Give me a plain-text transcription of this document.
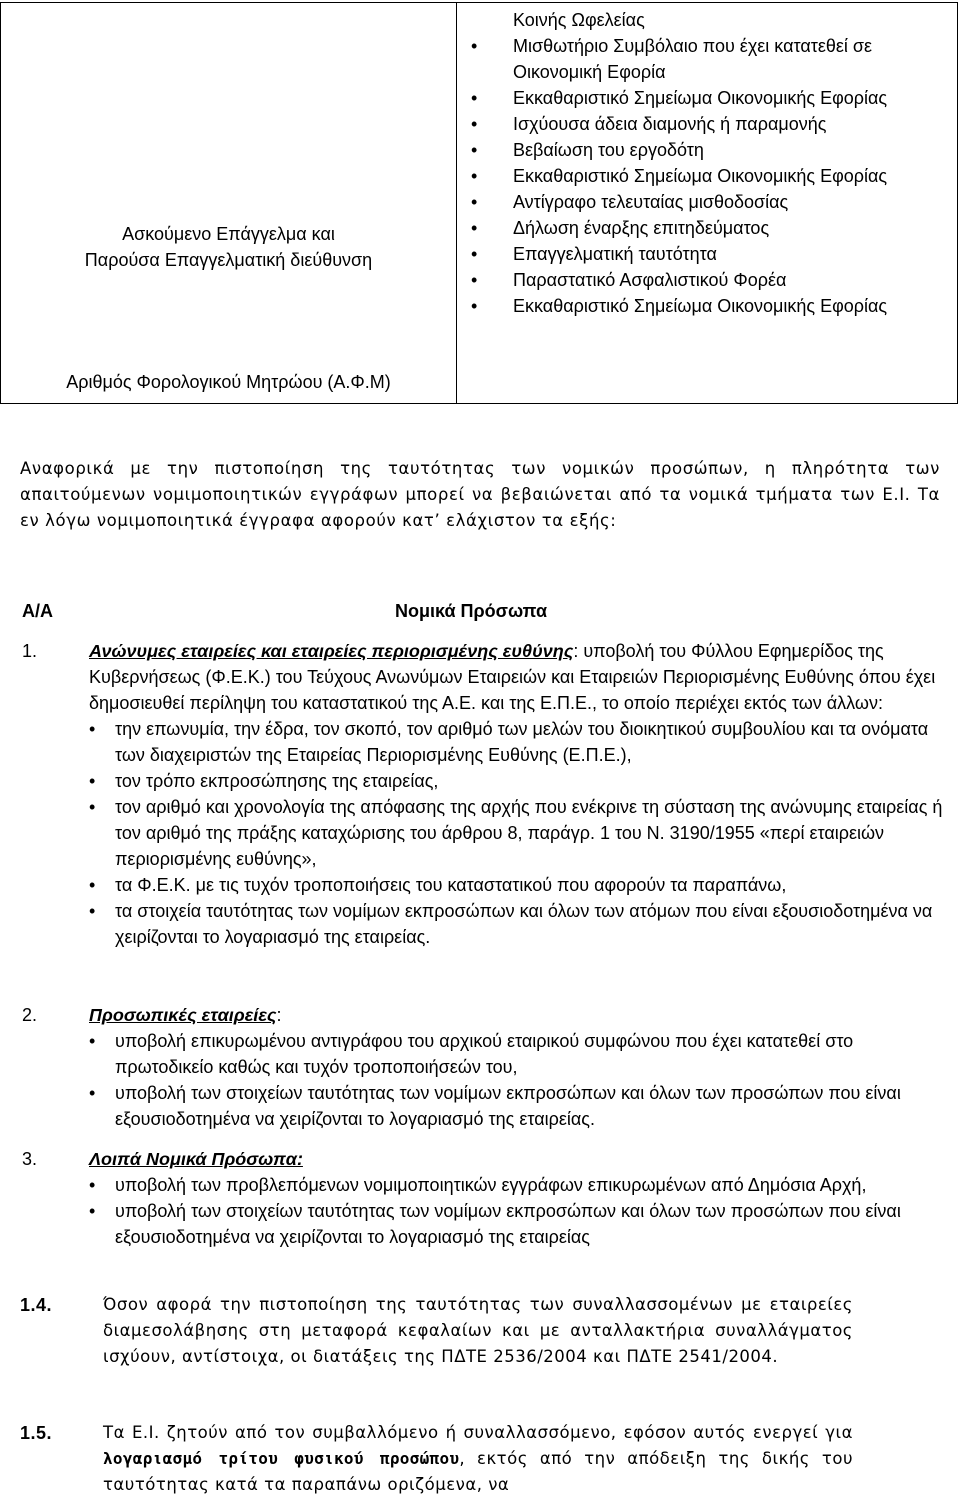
Ασκούμενο Επάγγελμα και
Παρούσα Επαγγελματική διεύθυνση
Αριθμός Φορολογικού Μητρώου (Α.Φ.Μ)
Κοινής Ωφελείας
• Μισθωτήριο Συμβόλαιο που έχει κατατεθεί σε Οικονομική Εφορία
• Εκκαθαριστικό Σημείωμα Οικονομικής Εφορίας
• Ισχύουσα άδεια διαμονής ή παραμονής
• Βεβαίωση του εργοδότη
• Εκκαθαριστικό Σημείωμα Οικονομικής Εφορίας
• Αντίγραφο τελευταίας μισθοδοσίας
• Δήλωση έναρξης επιτηδεύματος
• Επαγγελματική ταυτότητα
• Παραστατικό Ασφαλιστικού Φορέα
• Εκκαθαριστικό Σημείωμα Οικονομικής Εφορίας
Αναφορικά με την πιστοποίηση της ταυτότητας των νομικών προσώπων, η πληρότητα των απαιτούμενων νομιμοποιητικών εγγράφων μπορεί να βεβαιώνεται από τα νομικά τμήματα των Ε.Ι. Τα εν λόγω νομιμοποιητικά έγγραφα αφορούν κατ’ ελάχιστον τα εξής:
Α/Α	Νομικά Πρόσωπα
1.	Ανώνυμες εταιρείες και εταιρείες περιορισμένης ευθύνης: υποβολή του Φύλλου Εφημερίδος της Κυβερνήσεως (Φ.Ε.Κ.) του Τεύχους Ανωνύμων Εταιρειών και Εταιρειών Περιορισμένης Ευθύνης όπου έχει δημοσιευθεί περίληψη του καταστατικού της Α.Ε. και της Ε.Π.Ε., το οποίο περιέχει εκτός των άλλων:

• την επωνυμία, την έδρα, τον σκοπό, τον αριθμό των μελών του διοικητικού συμβουλίου και τα ονόματα των διαχειριστών της Εταιρείας Περιορισμένης Ευθύνης (Ε.Π.Ε.),

• τον τρόπο εκπροσώπησης της εταιρείας,

• τον αριθμό και χρονολογία της απόφασης της αρχής που ενέκρινε τη σύσταση της ανώνυμης εταιρείας ή τον αριθμό της πράξης καταχώρισης του άρθρου 8, παράγρ. 1 του Ν. 3190/1955 «περί εταιρειών περιορισμένης ευθύνης»,

• τα Φ.Ε.Κ. με τις τυχόν τροποποιήσεις του καταστατικού που αφορούν τα παραπάνω,

• τα στοιχεία ταυτότητας των νομίμων εκπροσώπων και όλων των ατόμων που είναι εξουσιοδοτημένα να χειρίζονται το λογαριασμό της εταιρείας.

2.	Προσωπικές εταιρείες:

• υποβολή επικυρωμένου αντιγράφου του αρχικού εταιρικού συμφώνου που έχει κατατεθεί στο πρωτοδικείο καθώς και τυχόν τροποποιήσεών του,

• υποβολή των στοιχείων ταυτότητας των νομίμων εκπροσώπων και όλων των προσώπων που είναι εξουσιοδοτημένα να χειρίζονται το λογαριασμό της εταιρείας.

3.	Λοιπά Νομικά Πρόσωπα:

• υποβολή των προβλεπόμενων νομιμοποιητικών εγγράφων επικυρωμένων από Δημόσια Αρχή,

• υποβολή των στοιχείων ταυτότητας των νομίμων εκπροσώπων και όλων των προσώπων που είναι εξουσιοδοτημένα να χειρίζονται το λογαριασμό της εταιρείας

1.4.	Όσον αφορά την πιστοποίηση της ταυτότητας των συναλλασσομένων με εταιρείες διαμεσολάβησης στη μεταφορά κεφαλαίων και με ανταλλακτήρια συναλλάγματος ισχύουν, αντίστοιχα, οι διατάξεις της ΠΔΤΕ 2536/2004 και ΠΔΤΕ 2541/2004.
1.5.	Τα Ε.Ι. ζητούν από τον συμβαλλόμενο ή συναλλασσόμενο, εφόσον αυτός ενεργεί για λογαριασμό τρίτου φυσικού προσώπου, εκτός από την απόδειξη της δικής του ταυτότητας κατά τα παραπάνω οριζόμενα, να
